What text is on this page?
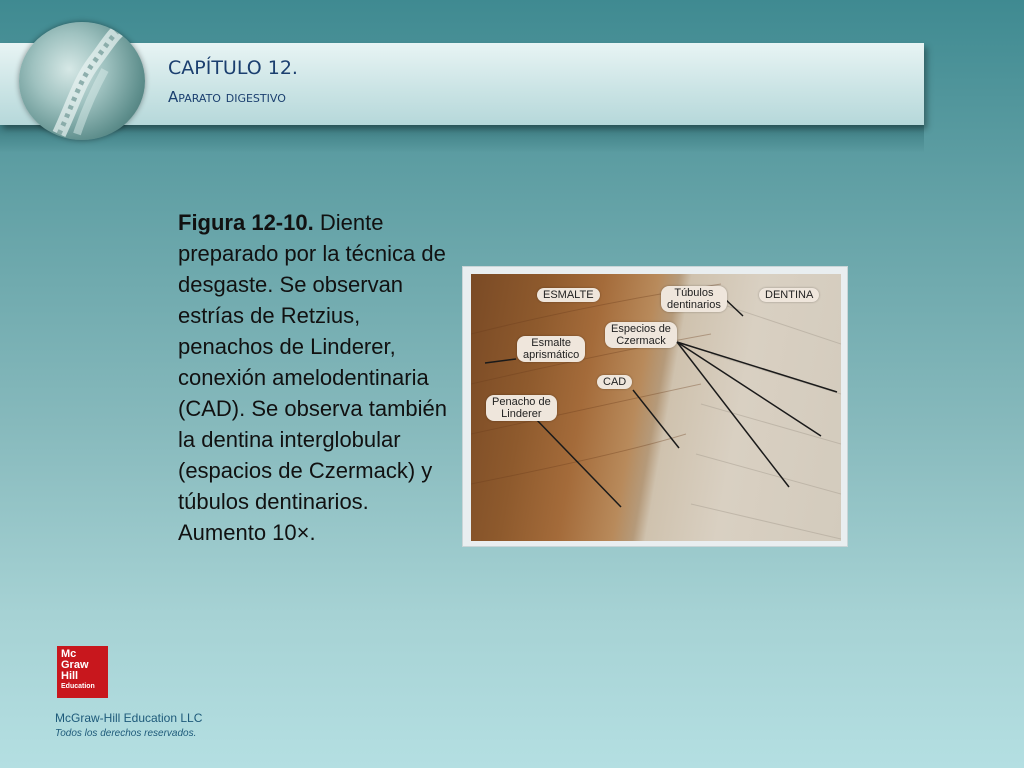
CAPÍTULO 12.
Aparato digestivo
Figura 12-10. Diente preparado por la técnica de desgaste. Se observan estrías de Retzius, penachos de Linderer, conexión amelodentinaria (CAD). Se observa también la dentina interglobular (espacios de Czermack) y túbulos dentinarios. Aumento 10×.
ESMALTE	Túbulos
dentinarios
DENTINA
Especios de
Czermack
Esmalte
aprismático
CAD
Penacho de
Linderer
Mc
Graw
Hill
Education
McGraw-Hill Education LLC
Todos los derechos reservados.
